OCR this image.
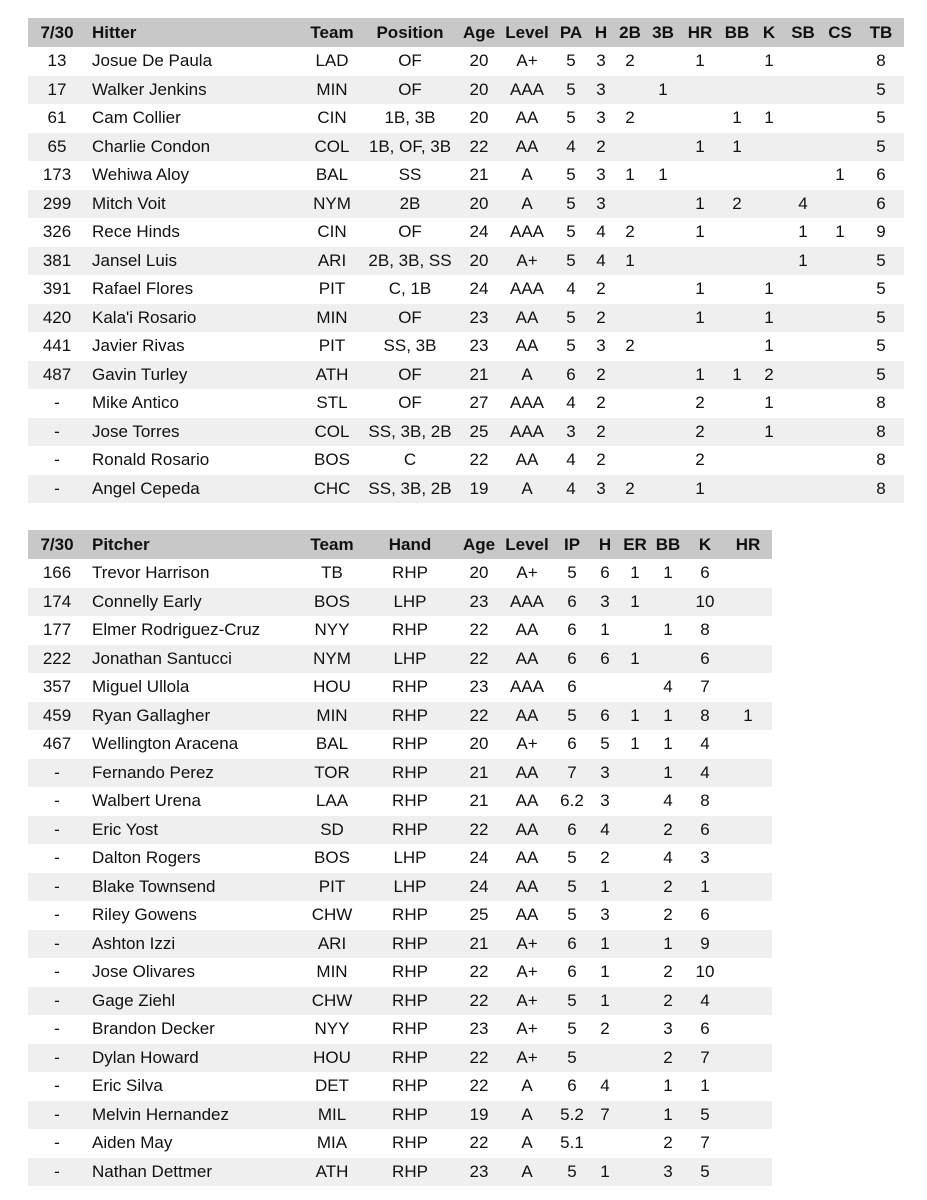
7/30	Hitter	Team	Position	Age	Level	PA	H	2B	3B	HR	BB	K	SB	CS	TB
13	Josue De Paula	LAD	OF	20	A+	5	3	2		1		1			8
17	Walker Jenkins	MIN	OF	20	AAA	5	3		1						5
61	Cam Collier	CIN	1B, 3B	20	AA	5	3	2			1	1			5
65	Charlie Condon	COL	1B, OF, 3B	22	AA	4	2			1	1				5
173	Wehiwa Aloy	BAL	SS	21	A	5	3	1	1					1	6
299	Mitch Voit	NYM	2B	20	A	5	3			1	2		4		6
326	Rece Hinds	CIN	OF	24	AAA	5	4	2		1			1	1	9
381	Jansel Luis	ARI	2B, 3B, SS	20	A+	5	4	1					1		5
391	Rafael Flores	PIT	C, 1B	24	AAA	4	2			1		1			5
420	Kala'i Rosario	MIN	OF	23	AA	5	2			1		1			5
441	Javier Rivas	PIT	SS, 3B	23	AA	5	3	2				1			5
487	Gavin Turley	ATH	OF	21	A	6	2			1	1	2			5
-	Mike Antico	STL	OF	27	AAA	4	2			2		1			8
-	Jose Torres	COL	SS, 3B, 2B	25	AAA	3	2			2		1			8
-	Ronald Rosario	BOS	C	22	AA	4	2			2					8
-	Angel Cepeda	CHC	SS, 3B, 2B	19	A	4	3	2		1					8
7/30	Pitcher	Team	Hand	Age	Level	IP	H	ER	BB	K	HR
166	Trevor Harrison	TB	RHP	20	A+	5	6	1	1	6	
174	Connelly Early	BOS	LHP	23	AAA	6	3	1		10	
177	Elmer Rodriguez-Cruz	NYY	RHP	22	AA	6	1		1	8	
222	Jonathan Santucci	NYM	LHP	22	AA	6	6	1		6	
357	Miguel Ullola	HOU	RHP	23	AAA	6			4	7	
459	Ryan Gallagher	MIN	RHP	22	AA	5	6	1	1	8	1
467	Wellington Aracena	BAL	RHP	20	A+	6	5	1	1	4	
-	Fernando Perez	TOR	RHP	21	AA	7	3		1	4	
-	Walbert Urena	LAA	RHP	21	AA	6.2	3		4	8	
-	Eric Yost	SD	RHP	22	AA	6	4		2	6	
-	Dalton Rogers	BOS	LHP	24	AA	5	2		4	3	
-	Blake Townsend	PIT	LHP	24	AA	5	1		2	1	
-	Riley Gowens	CHW	RHP	25	AA	5	3		2	6	
-	Ashton Izzi	ARI	RHP	21	A+	6	1		1	9	
-	Jose Olivares	MIN	RHP	22	A+	6	1		2	10	
-	Gage Ziehl	CHW	RHP	22	A+	5	1		2	4	
-	Brandon Decker	NYY	RHP	23	A+	5	2		3	6	
-	Dylan Howard	HOU	RHP	22	A+	5			2	7	
-	Eric Silva	DET	RHP	22	A	6	4		1	1	
-	Melvin Hernandez	MIL	RHP	19	A	5.2	7		1	5	
-	Aiden May	MIA	RHP	22	A	5.1			2	7	
-	Nathan Dettmer	ATH	RHP	23	A	5	1		3	5	
